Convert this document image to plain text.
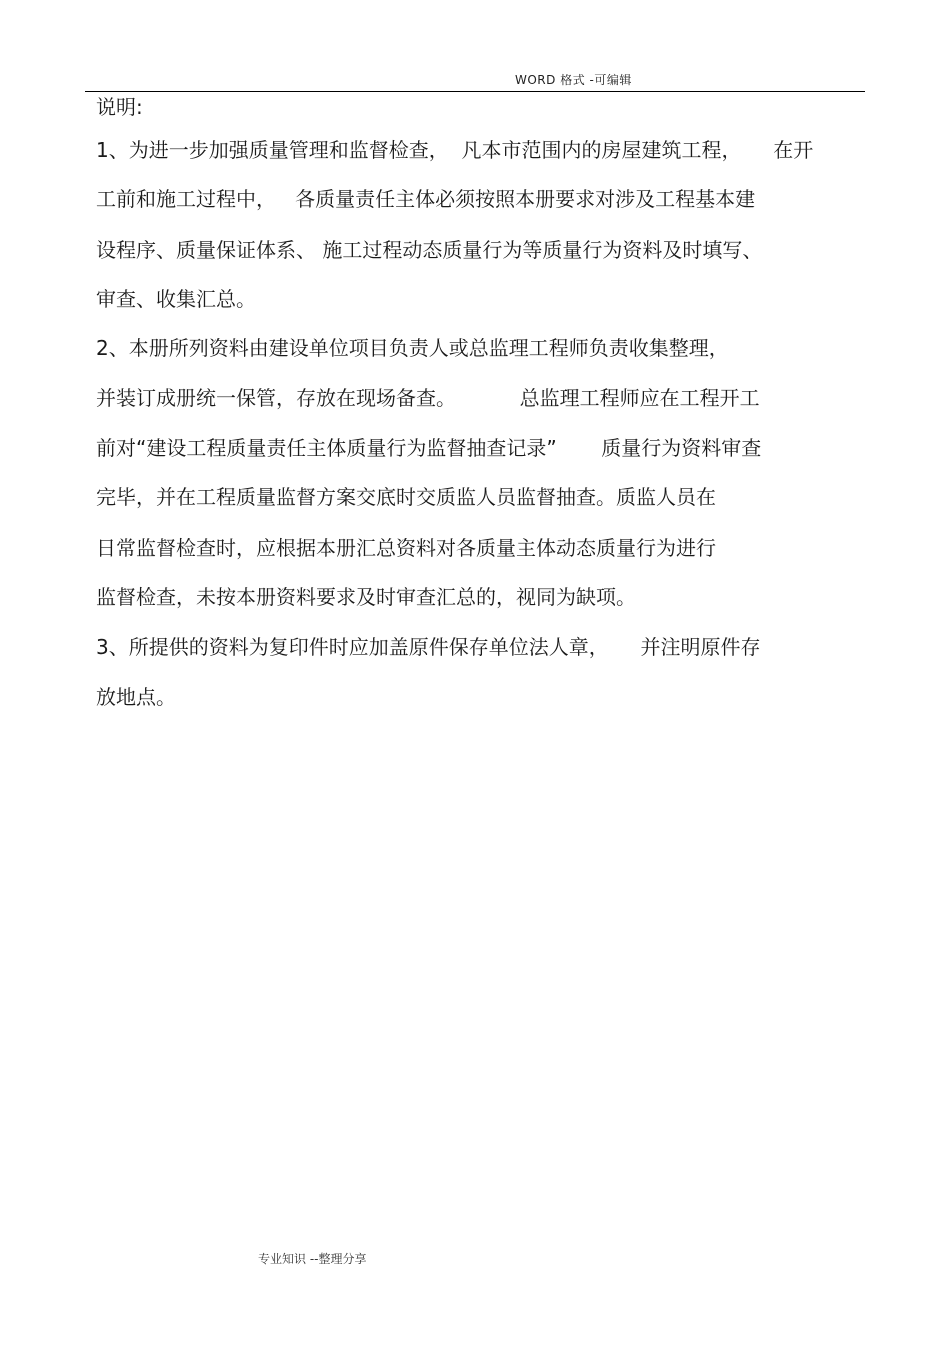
WORD 格式 -可编辑
说明:
1、为进一步加强质量管理和监督检查，  凡本市范围内的房屋建筑工程，     在开
工前和施工过程中，   各质量责任主体必须按照本册要求对涉及工程基本建
设程序、质量保证体系、 施工过程动态质量行为等质量行为资料及时填写、
审查、收集汇总。
2、本册所列资料由建设单位项目负责人或总监理工程师负责收集整理，
并装订成册统一保管，存放在现场备查。          总监理工程师应在工程开工
前对“建设工程质量责任主体质量行为监督抽查记录”       质量行为资料审查
完毕，并在工程质量监督方案交底时交质监人员监督抽查。质监人员在
日常监督检查时，应根据本册汇总资料对各质量主体动态质量行为进行
监督检查，未按本册资料要求及时审查汇总的，视同为缺项。
3、所提供的资料为复印件时应加盖原件保存单位法人章，     并注明原件存
放地点。
专业知识 --整理分享
